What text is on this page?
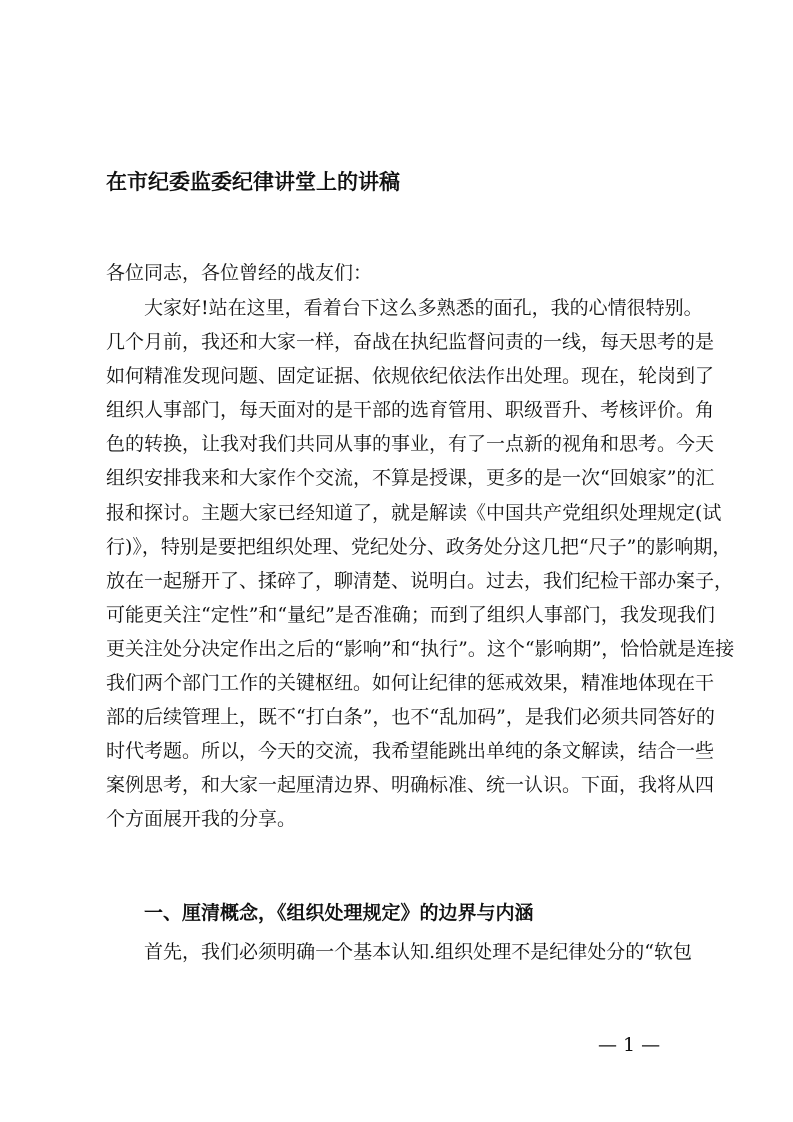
在市纪委监委纪律讲堂上的讲稿

各位同志，各位曾经的战友们：

大家好!站在这里，看着台下这么多熟悉的面孔，我的心情很特别。
几个月前，我还和大家一样，奋战在执纪监督问责的一线，每天思考的是
如何精准发现问题、固定证据、依规依纪依法作出处理。现在，轮岗到了
组织人事部门，每天面对的是干部的选育管用、职级晋升、考核评价。角
色的转换，让我对我们共同从事的事业，有了一点新的视角和思考。今天
组织安排我来和大家作个交流，不算是授课，更多的是一次“回娘家”的汇
报和探讨。主题大家已经知道了，就是解读《中国共产党组织处理规定(试
行)》，特别是要把组织处理、党纪处分、政务处分这几把“尺子”的影响期，
放在一起掰开了、揉碎了，聊清楚、说明白。过去，我们纪检干部办案子，
可能更关注“定性”和“量纪”是否准确；而到了组织人事部门，我发现我们
更关注处分决定作出之后的“影响”和“执行”。这个“影响期”，恰恰就是连接
我们两个部门工作的关键枢纽。如何让纪律的惩戒效果，精准地体现在干
部的后续管理上，既不“打白条”，也不“乱加码”，是我们必须共同答好的
时代考题。所以，今天的交流，我希望能跳出单纯的条文解读，结合一些
案例思考，和大家一起厘清边界、明确标准、统一认识。下面，我将从四
个方面展开我的分享。
一、厘清概念，《组织处理规定》的边界与内涵
首先，我们必须明确一个基本认知.组织处理不是纪律处分的“软包
— 1 —
